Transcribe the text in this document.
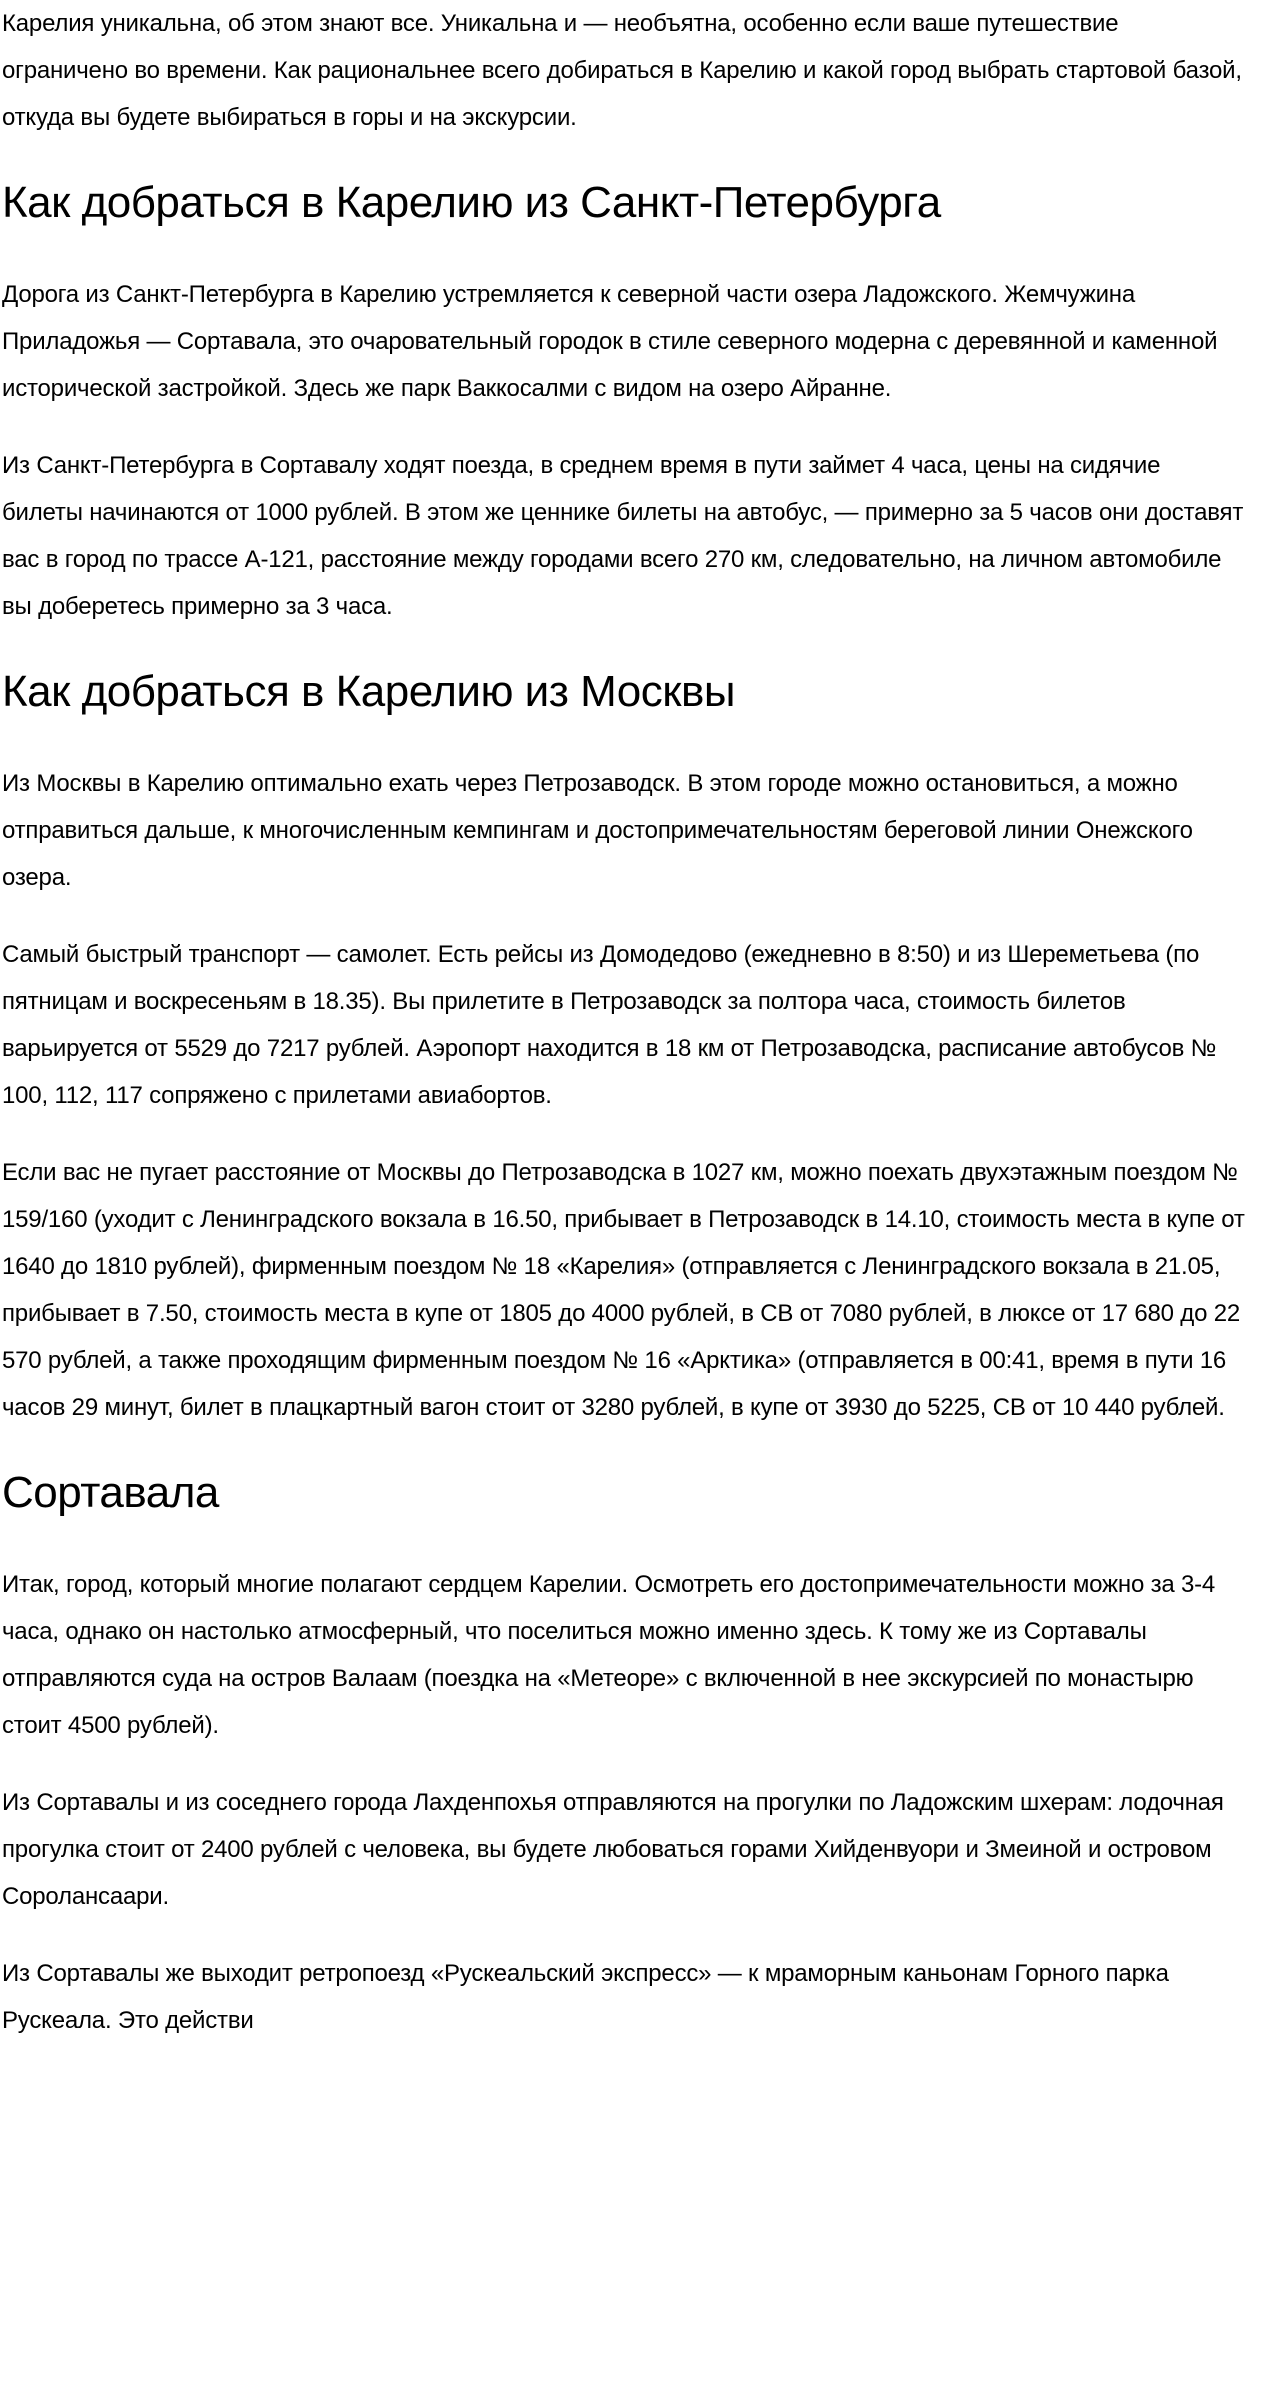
Карелия уникальна, об этом знают все. Уникальна и — необъятна, особенно если ваше путешествие ограничено во времени. Как рациональнее всего добираться в Карелию и какой город выбрать стартовой базой, откуда вы будете выбираться в горы и на экскурсии.

Как добраться в Карелию из Санкт-Петербурга

Дорога из Санкт-Петербурга в Карелию устремляется к северной части озера Ладожского. Жемчужина Приладожья — Сортавала, это очаровательный городок в стиле северного модерна с деревянной и каменной исторической застройкой. Здесь же парк Ваккосалми с видом на озеро Айранне.

Из Санкт-Петербурга в Сортавалу ходят поезда, в среднем время в пути займет 4 часа, цены на сидячие билеты начинаются от 1000 рублей. В этом же ценнике билеты на автобус, — примерно за 5 часов они доставят вас в город по трассе А-121, расстояние между городами всего 270 км, следовательно, на личном автомобиле вы доберетесь примерно за 3 часа.

Как добраться в Карелию из Москвы

Из Москвы в Карелию оптимально ехать через Петрозаводск. В этом городе можно остановиться, а можно отправиться дальше, к многочисленным кемпингам и достопримечательностям береговой линии Онежского озера.

Самый быстрый транспорт — самолет. Есть рейсы из Домодедово (ежедневно в 8:50) и из Шереметьева (по пятницам и воскресеньям в 18.35). Вы прилетите в Петрозаводск за полтора часа, стоимость билетов варьируется от 5529 до 7217 рублей. Аэропорт находится в 18 км от Петрозаводска, расписание автобусов № 100, 112, 117 сопряжено с прилетами авиабортов.

Если вас не пугает расстояние от Москвы до Петрозаводска в 1027 км, можно поехать двухэтажным поездом № 159/160 (уходит с Ленинградского вокзала в 16.50, прибывает в Петрозаводск в 14.10, стоимость места в купе от 1640 до 1810 рублей), фирменным поездом № 18 «Карелия» (отправляется с Ленинградского вокзала в 21.05, прибывает в 7.50, стоимость места в купе от 1805 до 4000 рублей, в СВ от 7080 рублей, в люксе от 17 680 до 22 570 рублей, а также проходящим фирменным поездом № 16 «Арктика» (отправляется в 00:41, время в пути 16 часов 29 минут, билет в плацкартный вагон стоит от 3280 рублей, в купе от 3930 до 5225, СВ от 10 440 рублей.

Сортавала

Итак, город, который многие полагают сердцем Карелии. Осмотреть его достопримечательности можно за 3-4 часа, однако он настолько атмосферный, что поселиться можно именно здесь. К тому же из Сортавалы отправляются суда на остров Валаам (поездка на «Метеоре» с включенной в нее экскурсией по монастырю стоит 4500 рублей).

Из Сортавалы и из соседнего города Лахденпохья отправляются на прогулки по Ладожским шхерам: лодочная прогулка стоит от 2400 рублей с человека, вы будете любоваться горами Хийденвуори и Змеиной и островом Соролансаари.

Из Сортавалы же выходит ретропоезд «Рускеальский экспресс» — к мраморным каньонам Горного парка Рускеала. Это действи
